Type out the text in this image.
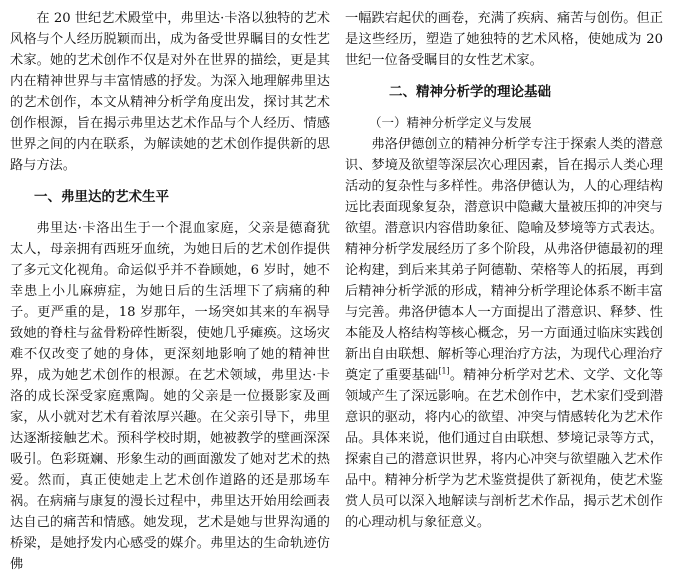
在 20 世纪艺术殿堂中，弗里达·卡洛以独特的艺术风格与个人经历脱颖而出，成为备受世界瞩目的女性艺术家。她的艺术创作不仅是对外在世界的描绘，更是其内在精神世界与丰富情感的抒发。为深入地理解弗里达的艺术创作，本文从精神分析学角度出发，探讨其艺术创作根源，旨在揭示弗里达艺术作品与个人经历、情感世界之间的内在联系，为解读她的艺术创作提供新的思路与方法。

一、弗里达的艺术生平

弗里达·卡洛出生于一个混血家庭，父亲是德裔犹太人，母亲拥有西班牙血统，为她日后的艺术创作提供了多元文化视角。命运似乎并不眷顾她，6 岁时，她不幸患上小儿麻痹症，为她日后的生活埋下了病痛的种子。更严重的是，18 岁那年，一场突如其来的车祸导致她的脊柱与盆骨粉碎性断裂，使她几乎瘫痪。这场灾难不仅改变了她的身体，更深刻地影响了她的精神世界，成为她艺术创作的根源。在艺术领域，弗里达·卡洛的成长深受家庭熏陶。她的父亲是一位摄影家及画家，从小就对艺术有着浓厚兴趣。在父亲引导下，弗里达逐渐接触艺术。预科学校时期，她被教学的壁画深深吸引。色彩斑斓、形象生动的画面激发了她对艺术的热爱。然而，真正使她走上艺术创作道路的还是那场车祸。在病痛与康复的漫长过程中，弗里达开始用绘画表达自己的痛苦和情感。她发现，艺术是她与世界沟通的桥梁，是她抒发内心感受的媒介。弗里达的生命轨迹仿佛

一幅跌宕起伏的画卷，充满了疾病、痛苦与创伤。但正是这些经历，塑造了她独特的艺术风格，使她成为 20 世纪一位备受瞩目的女性艺术家。

二、精神分析学的理论基础
（一）精神分析学定义与发展

弗洛伊德创立的精神分析学专注于探索人类的潜意识、梦境及欲望等深层次心理因素，旨在揭示人类心理活动的复杂性与多样性。弗洛伊德认为，人的心理结构远比表面现象复杂，潜意识中隐藏大量被压抑的冲突与欲望。潜意识内容借助象征、隐喻及梦境等方式表达。精神分析学发展经历了多个阶段，从弗洛伊德最初的理论构建，到后来其弟子阿德勒、荣格等人的拓展，再到后精神分析学派的形成，精神分析学理论体系不断丰富与完善。弗洛伊德本人一方面提出了潜意识、释梦、性本能及人格结构等核心概念，另一方面通过临床实践创新出自由联想、解析等心理治疗方法，为现代心理治疗奠定了重要基础[1]。精神分析学对艺术、文学、文化等领域产生了深远影响。在艺术创作中，艺术家们受到潜意识的驱动，将内心的欲望、冲突与情感转化为艺术作品。具体来说，他们通过自由联想、梦境记录等方式，探索自己的潜意识世界，将内心冲突与欲望融入艺术作品中。精神分析学为艺术鉴赏提供了新视角，使艺术鉴赏人员可以深入地解读与剖析艺术作品，揭示艺术创作的心理动机与象征意义。
